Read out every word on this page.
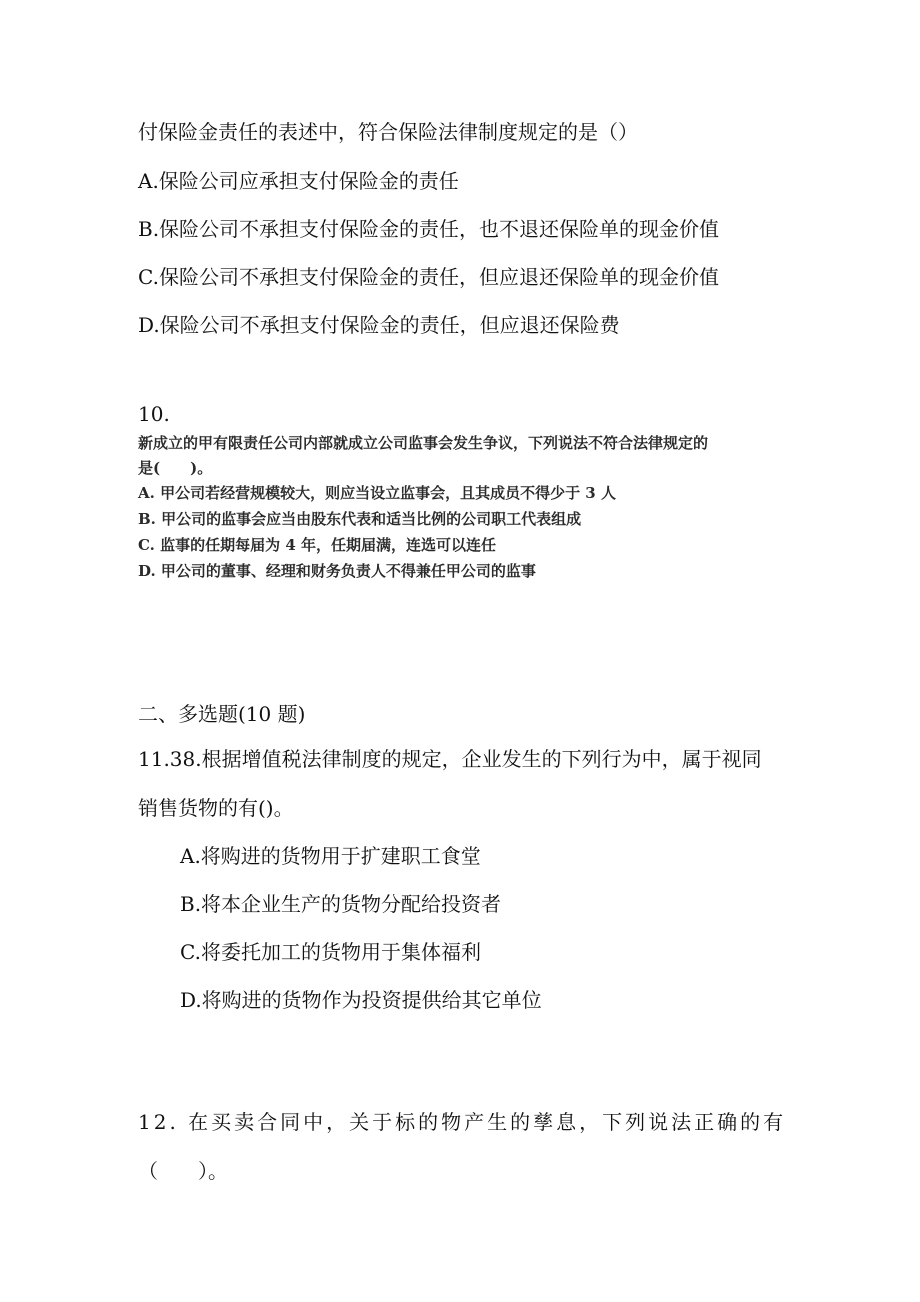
付保险金责任的表述中，符合保险法律制度规定的是（）
A.保险公司应承担支付保险金的责任
B.保险公司不承担支付保险金的责任，也不退还保险单的现金价值
C.保险公司不承担支付保险金的责任，但应退还保险单的现金价值
D.保险公司不承担支付保险金的责任，但应退还保险费
10.
新成立的甲有限责任公司内部就成立公司监事会发生争议，下列说法不符合法律规定的
是(　　)。
A. 甲公司若经营规模较大，则应当设立监事会，且其成员不得少于 3 人
B. 甲公司的监事会应当由股东代表和适当比例的公司职工代表组成
C. 监事的任期每届为 4 年，任期届满，连选可以连任
D. 甲公司的董事、经理和财务负责人不得兼任甲公司的监事
二、多选题(10 题)
11.38.根据增值税法律制度的规定，企业发生的下列行为中，属于视同
销售货物的有()。
A.将购进的货物用于扩建职工食堂
B.将本企业生产的货物分配给投资者
C.将委托加工的货物用于集体福利
D.将购进的货物作为投资提供给其它单位
12. 在买卖合同中，关于标的物产生的孳息，下列说法正确的有
（　　）。
